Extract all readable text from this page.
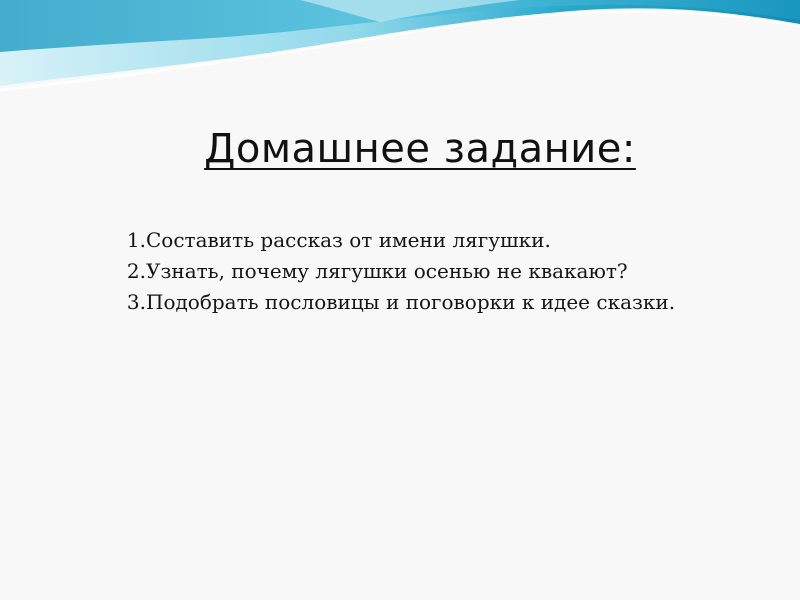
Домашнее задание:
1. Составить рассказ от имени лягушки.
2. Узнать, почему лягушки осенью не квакают?
3. Подобрать пословицы и поговорки к идее сказки.
